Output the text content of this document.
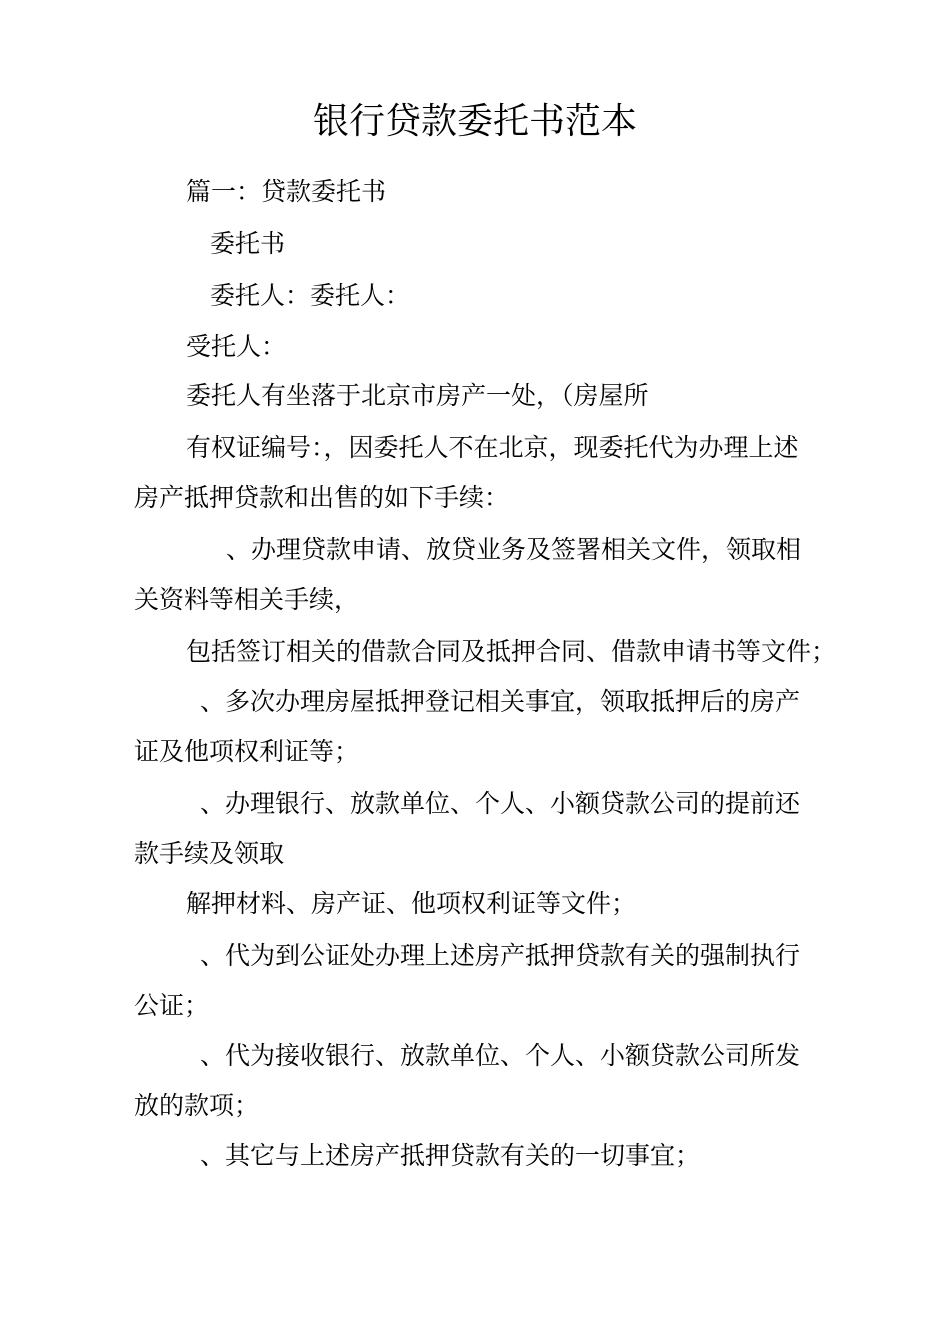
银行贷款委托书范本
篇一：贷款委托书
委托书
委托人：委托人：
受托人：
委托人有坐落于北京市房产一处，（房屋所
有权证编号：，因委托人不在北京，现委托代为办理上述
房产抵押贷款和出售的如下手续：
、办理贷款申请、放贷业务及签署相关文件，领取相
关资料等相关手续，
包括签订相关的借款合同及抵押合同、借款申请书等文件；
、多次办理房屋抵押登记相关事宜，领取抵押后的房产
证及他项权利证等；
、办理银行、放款单位、个人、小额贷款公司的提前还
款手续及领取
解押材料、房产证、他项权利证等文件；
、代为到公证处办理上述房产抵押贷款有关的强制执行
公证；
、代为接收银行、放款单位、个人、小额贷款公司所发
放的款项；
、其它与上述房产抵押贷款有关的一切事宜；
